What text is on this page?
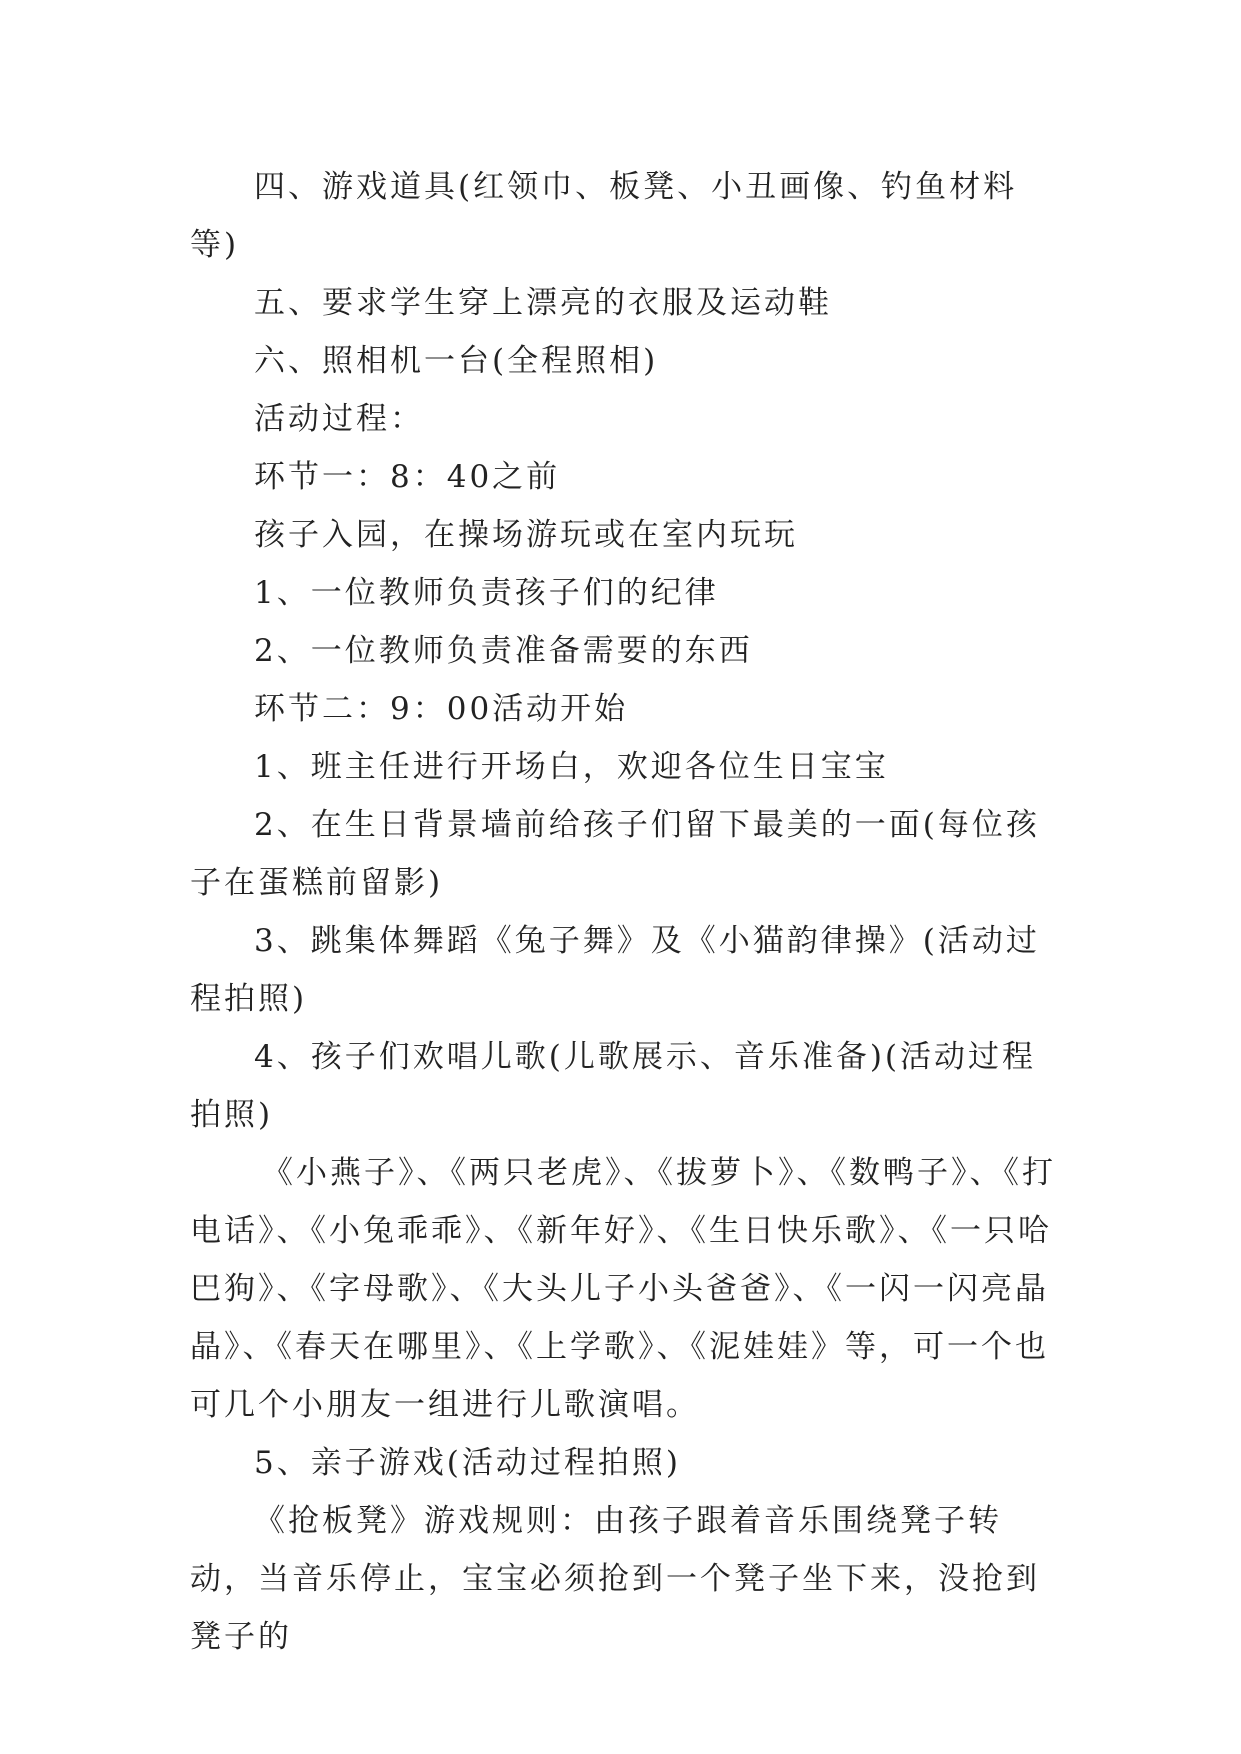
四、游戏道具(红领巾、板凳、小丑画像、钓鱼材料等)

五、要求学生穿上漂亮的衣服及运动鞋

六、照相机一台(全程照相)

活动过程：

环节一：8：40之前

孩子入园，在操场游玩或在室内玩玩

1、一位教师负责孩子们的纪律

2、一位教师负责准备需要的东西

环节二：9：00活动开始

1、班主任进行开场白，欢迎各位生日宝宝

2、在生日背景墙前给孩子们留下最美的一面(每位孩子在蛋糕前留影)

3、跳集体舞蹈《兔子舞》及《小猫韵律操》(活动过程拍照)

4、孩子们欢唱儿歌(儿歌展示、音乐准备)(活动过程拍照)

《小燕子》、《两只老虎》、《拔萝卜》、《数鸭子》、《打电话》、《小兔乖乖》、《新年好》、《生日快乐歌》、《一只哈巴狗》、《字母歌》、《大头儿子小头爸爸》、《一闪一闪亮晶晶》、《春天在哪里》、《上学歌》、《泥娃娃》等，可一个也可几个小朋友一组进行儿歌演唱。

5、亲子游戏(活动过程拍照)

《抢板凳》游戏规则：由孩子跟着音乐围绕凳子转动，当音乐停止，宝宝必须抢到一个凳子坐下来，没抢到凳子的
